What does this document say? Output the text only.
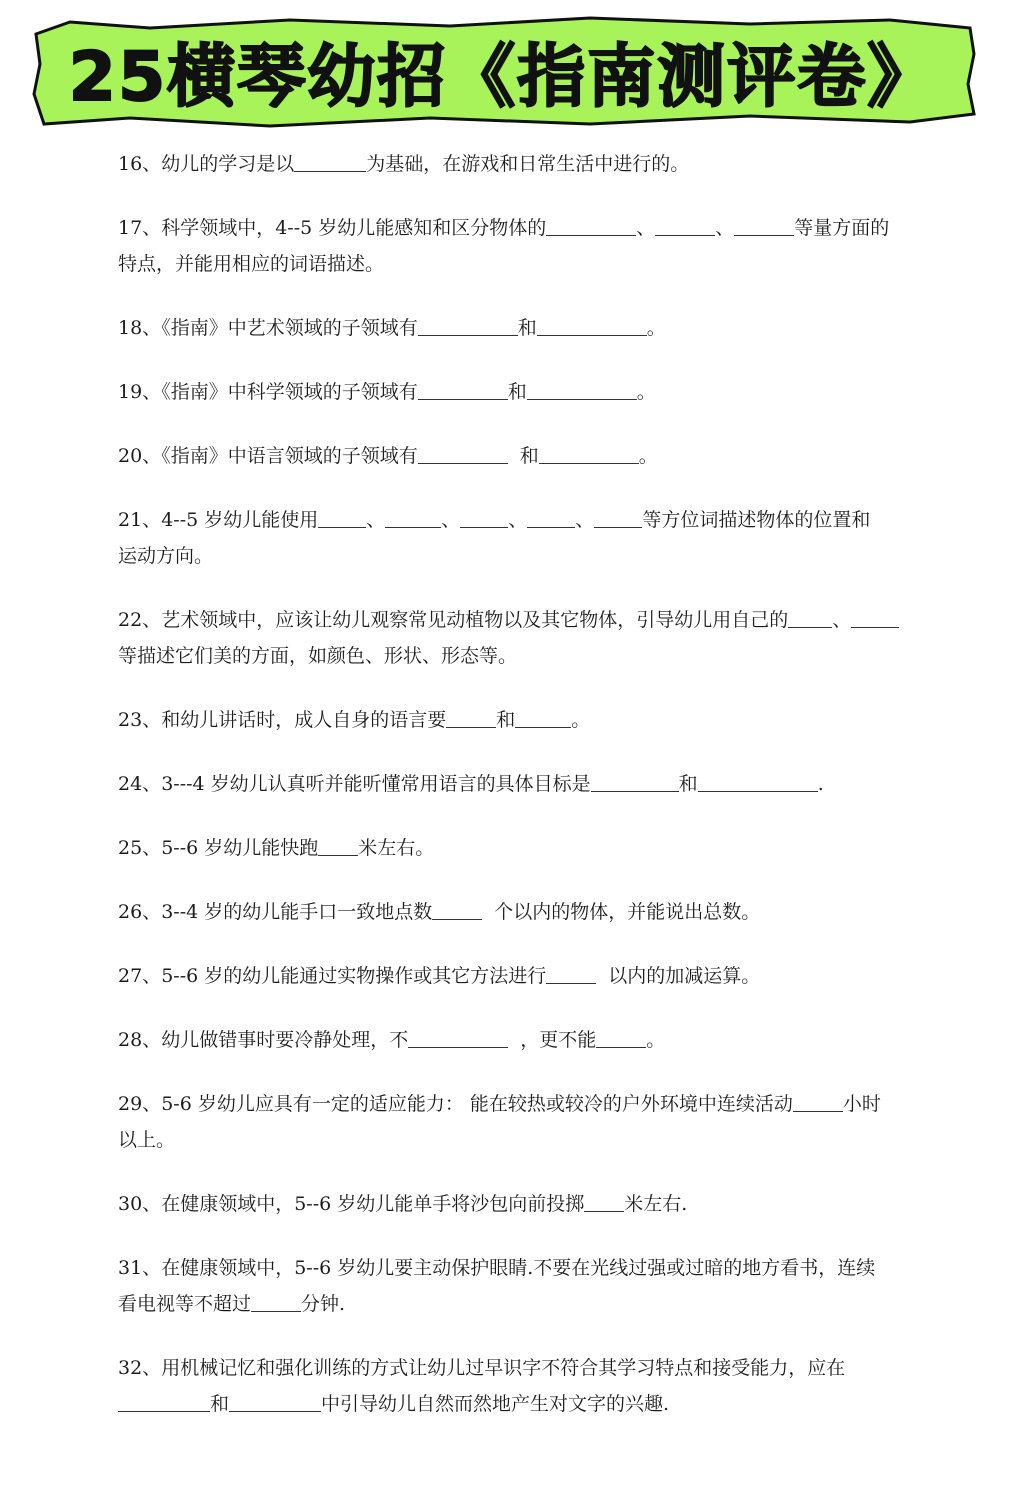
25横琴幼招《指南测评卷》
16、幼儿的学习是以	为基础，在游戏和日常生活中进行的。
17、科学领域中，4--5 岁幼儿能感知和区分物体的	、	、	等量方面的
特点，并能用相应的词语描述。
18、《指南》中艺术领域的子领域有	和	。
19、《指南》中科学领域的子领域有	和	。
20、《指南》中语言领域的子领域有	和	。
21、4--5 岁幼儿能使用	、	、	、	、	等方位词描述物体的位置和
运动方向。
22、艺术领域中，应该让幼儿观察常见动植物以及其它物体，引导幼儿用自己的 、
等描述它们美的方面，如颜色、形状、形态等。
23、和幼儿讲话时，成人自身的语言要	和	。
24、3---4 岁幼儿认真听并能听懂常用语言的具体目标是	和	.
25、5--6 岁幼儿能快跑 米左右。
26、3--4 岁的幼儿能手口一致地点数	个以内的物体，并能说出总数。
27、5--6 岁的幼儿能通过实物操作或其它方法进行	以内的加减运算。
28、幼儿做错事时要冷静处理，不	，更不能	。
29、5-6 岁幼儿应具有一定的适应能力： 能在较热或较冷的户外环境中连续活动	小时
以上。
30、在健康领域中，5--6 岁幼儿能单手将沙包向前投掷 米左右.
31、在健康领域中，5--6 岁幼儿要主动保护眼睛.不要在光线过强或过暗的地方看书，连续
看电视等不超过	分钟.
32、用机械记忆和强化训练的方式让幼儿过早识字不符合其学习特点和接受能力，应在
和	中引导幼儿自然而然地产生对文字的兴趣.
